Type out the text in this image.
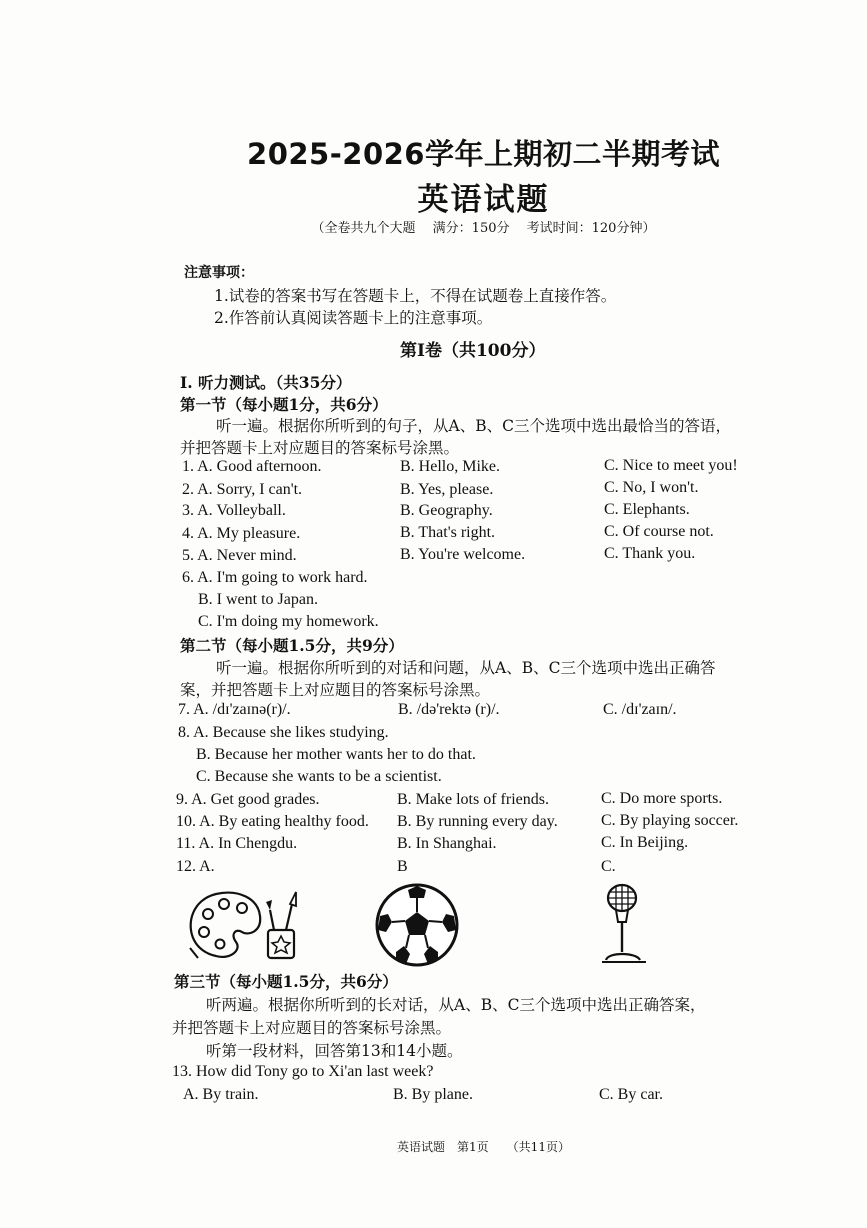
2025-2026学年上期初二半期考试
英语试题
（全卷共九个大题　 满分：150分　 考试时间：120分钟）
注意事项：
1.试卷的答案书写在答题卡上，不得在试题卷上直接作答。
2.作答前认真阅读答题卡上的注意事项。
第Ⅰ卷（共100分）
I. 听力测试。（共35分）
第一节（每小题1分，共6分）
听一遍。根据你所听到的句子，从A、B、C三个选项中选出最恰当的答语，
并把答题卡上对应题目的答案标号涂黑。
1. A. Good afternoon.	B. Hello, Mike.	C. Nice to meet you!
2. A. Sorry, I can't.	B. Yes, please.	C. No, I won't.
3. A. Volleyball.	B. Geography.	C. Elephants.
4. A. My pleasure.	B. That's right.	C. Of course not.
5. A. Never mind.	B. You're welcome.	C. Thank you.
6. A. I'm going to work hard.
B. I went to Japan.
C. I'm doing my homework.
第二节（每小题1.5分，共9分）
听一遍。根据你所听到的对话和问题，从A、B、C三个选项中选出正确答
案，并把答题卡上对应题目的答案标号涂黑。
7. A. /dɪ'zaɪnə(r)/.	B. /də'rektə (r)/.	C. /dɪ'zaɪn/.
8. A. Because she likes studying.
B. Because her mother wants her to do that.
C. Because she wants to be a scientist.
9. A. Get good grades.	B. Make lots of friends.	C. Do more sports.
10. A. By eating healthy food. B. By running every day.	C. By playing soccer.
11. A. In Chengdu.	B. In Shanghai.	C. In Beijing.
12. A.	B	C.
第三节（每小题1.5分，共6分）
听两遍。根据你所听到的长对话，从A、B、C三个选项中选出正确答案，
并把答题卡上对应题目的答案标号涂黑。
听第一段材料，回答第13和14小题。
13. How did Tony go to Xi'an last week?
A. By train.	B. By plane.	C. By car.
英语试题　第1页　　（共11页）
